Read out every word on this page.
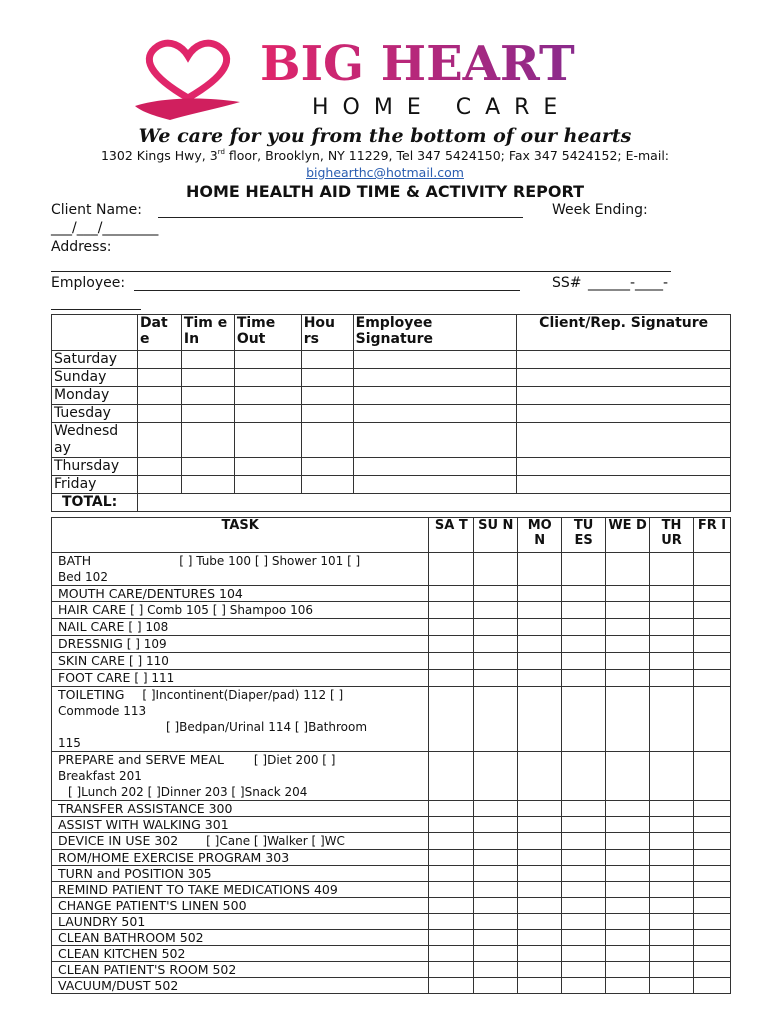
BIG HEART
HOME CARE
We care for you from the bottom of our hearts
1302 Kings Hwy, 3rd floor, Brooklyn, NY 11229, Tel 347 5424150; Fax 347 5424152; E-mail:
bighearthc@hotmail.com
HOME HEALTH AID TIME & ACTIVITY REPORT
Client Name:	Week Ending:
___/___/________
Address:
Employee:	SS# ______-____-
	Dat e	Tim e In	Time Out	Hou rs	Employee Signature	Client/Rep. Signature
Saturday						
Sunday						
Monday						
Tuesday						
Wednesd ay						
Thursday						
Friday						
TOTAL:						
TASK	SA T	SU N	MO N	TU ES	WE D	TH UR	FR I
BATH [ ] Tube 100 [ ] Shower 101 [ ]
Bed 102							
MOUTH CARE/DENTURES 104							
HAIR CARE [ ] Comb 105 [ ] Shampoo 106							
NAIL CARE [ ] 108							
DRESSNIG [ ] 109							
SKIN CARE [ ] 110							
FOOT CARE [ ] 111							
TOILETING [ ]Incontinent(Diaper/pad) 112 [ ]
Commode 113
[ ]Bedpan/Urinal 114 [ ]Bathroom
115							
PREPARE and SERVE MEAL [ ]Diet 200 [ ]
Breakfast 201
[ ]Lunch 202 [ ]Dinner 203 [ ]Snack 204							
TRANSFER ASSISTANCE 300							
ASSIST WITH WALKING 301							
DEVICE IN USE 302 [ ]Cane [ ]Walker [ ]WC							
ROM/HOME EXERCISE PROGRAM 303							
TURN and POSITION 305							
REMIND PATIENT TO TAKE MEDICATIONS 409							
CHANGE PATIENT'S LINEN 500							
LAUNDRY 501							
CLEAN BATHROOM 502							
CLEAN KITCHEN 502							
CLEAN PATIENT'S ROOM 502							
VACUUM/DUST 502							
